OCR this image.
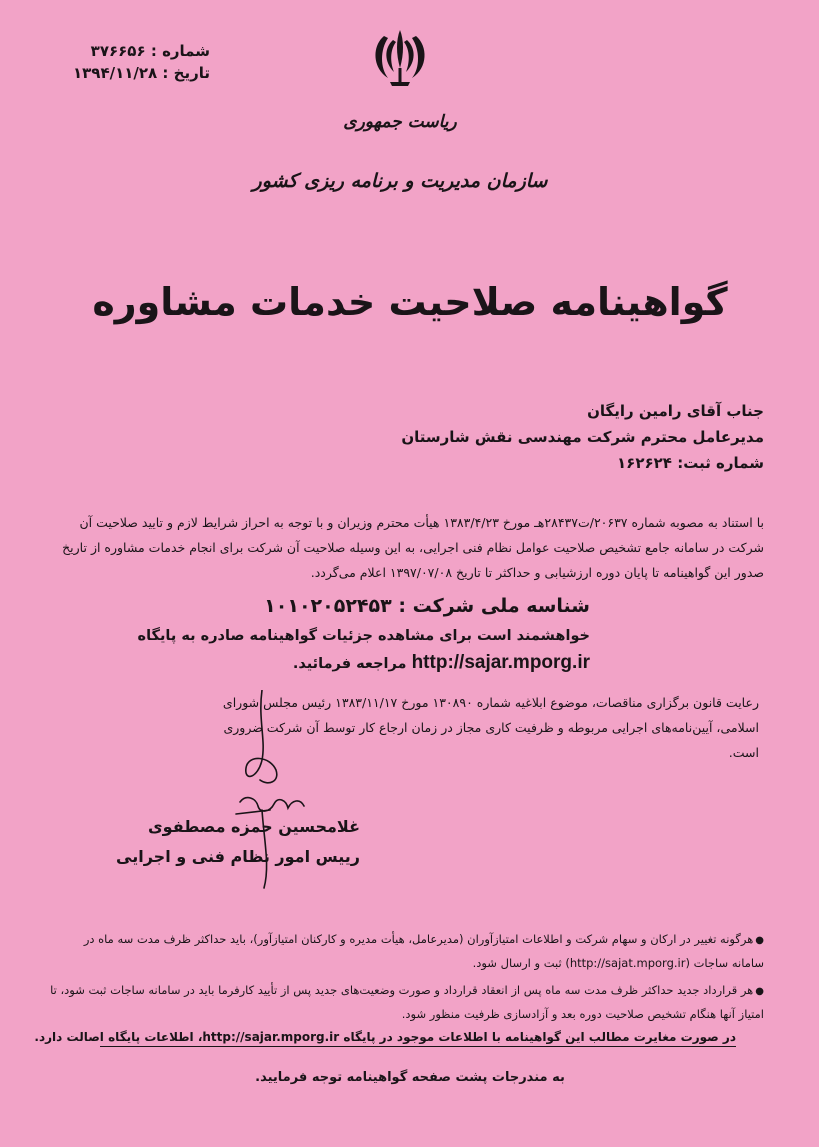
شماره : ۳۷۶۶۵۶
تاریخ : ۱۳۹۴/۱۱/۲۸
ریاست جمهوری
سازمان مدیریت و برنامه ریزی کشور
گواهینامه صلاحیت خدمات مشاوره
جناب آقای رامین رایگان
مدیرعامل محترم شرکت مهندسی نقش شارستان
شماره ثبت: ۱۶۲۶۲۴
با استناد به مصوبه شماره ۲۰۶۳۷/ت۲۸۴۳۷هـ مورخ ۱۳۸۳/۴/۲۳ هیأت محترم وزیران و با توجه به احراز شرایط لازم و تایید صلاحیت آن شرکت در سامانه جامع تشخیص صلاحیت عوامل نظام فنی اجرایی، به این وسیله صلاحیت آن شرکت برای انجام خدمات مشاوره از تاریخ صدور این گواهینامه تا پایان دوره ارزشیابی و حداکثر تا تاریخ ۱۳۹۷/۰۷/۰۸ اعلام می‌گردد.
شناسه ملی شرکت : ۱۰۱۰۲۰۵۲۴۵۳
خواهشمند است برای مشاهده جزئیات گواهینامه صادره به پایگاه
http://sajar.mporg.ir مراجعه فرمائید.
رعایت قانون برگزاری مناقصات، موضوع ابلاغیه شماره ۱۳۰۸۹۰ مورخ ۱۳۸۳/۱۱/۱۷ رئیس مجلس شورای اسلامی، آیین‌نامه‌های اجرایی مربوطه و ظرفیت کاری مجاز در زمان ارجاع کار توسط آن شرکت ضروری است.
غلامحسین حمزه مصطفوی
رییس امور نظام فنی و اجرایی
●هرگونه تغییر در ارکان و سهام شرکت و اطلاعات امتیازآوران (مدیرعامل، هیأت مدیره و کارکنان امتیازآور)، باید حداکثر ظرف مدت سه ماه در سامانه ساجات (http://sajat.mporg.ir) ثبت و ارسال شود.
●هر قرارداد جدید حداکثر ظرف مدت سه ماه پس از انعقاد قرارداد و صورت وضعیت‌های جدید پس از تأیید کارفرما باید در سامانه ساجات ثبت شود، تا امتیاز آنها هنگام تشخیص صلاحیت دوره بعد و آزادسازی ظرفیت منظور شود.
در صورت مغایرت مطالب این گواهینامه با اطلاعات موجود در پایگاه http://sajar.mporg.ir، اطلاعات پایگاه اصالت دارد.
به مندرجات پشت صفحه گواهینامه توجه فرمایید.
